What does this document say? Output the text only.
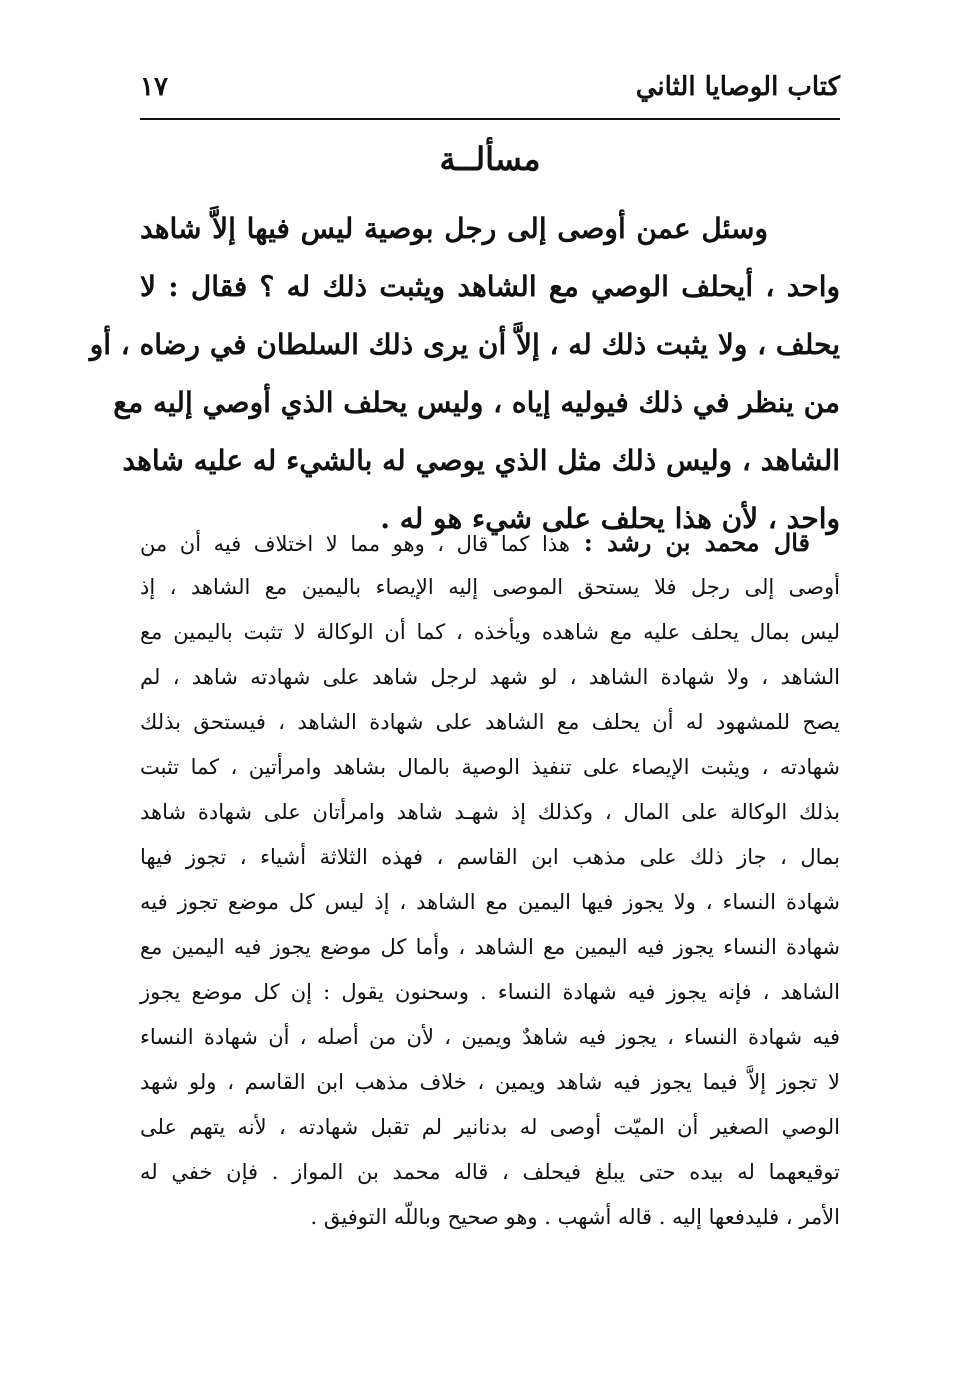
كتاب الوصايا الثاني
١٧
مسألــة
وسئل عمن أوصى إلى رجل بوصية ليس فيها إلاَّ شاهد
واحد ، أيحلف الوصي مع الشاهد ويثبت ذلك له ؟ فقال : لا
يحلف ، ولا يثبت ذلك له ، إلاَّ أن يرى ذلك السلطان في رضاه ، أو
من ينظر في ذلك فيوليه إياه ، وليس يحلف الذي أوصي إليه مع
الشاهد ، وليس ذلك مثل الذي يوصي له بالشيء له عليه شاهد
واحد ، لأن هذا يحلف على شيء هو له .
قال محمد بن رشد :هذا كما قال ، وهو مما لا اختلاف فيه أن من
أوصى إلى رجل فلا يستحق الموصى إليه الإيصاء باليمين مع الشاهد ، إذ
ليس بمال يحلف عليه مع شاهده ويأخذه ، كما أن الوكالة لا تثبت باليمين مع
الشاهد ، ولا شهادة الشاهد ، لو شهد لرجل شاهد على شهادته شاهد ، لم
يصح للمشهود له أن يحلف مع الشاهد على شهادة الشاهد ، فيستحق بذلك
شهادته ، ويثبت الإيصاء على تنفيذ الوصية بالمال بشاهد وامرأتين ، كما تثبت
بذلك الوكالة على المال ، وكذلك إذ شهـد شاهد وامرأتان على شهادة شاهد
بمال ، جاز ذلك على مذهب ابن القاسم ، فهذه الثلاثة أشياء ، تجوز فيها
شهادة النساء ، ولا يجوز فيها اليمين مع الشاهد ، إذ ليس كل موضع تجوز فيه
شهادة النساء يجوز فيه اليمين مع الشاهد ، وأما كل موضع يجوز فيه اليمين مع
الشاهد ، فإنه يجوز فيه شهادة النساء . وسحنون يقول : إن كل موضع يجوز
فيه شهادة النساء ، يجوز فيه شاهدٌ ويمين ، لأن من أصله ، أن شهادة النساء
لا تجوز إلاَّ فيما يجوز فيه شاهد ويمين ، خلاف مذهب ابن القاسم ، ولو شهد
الوصي الصغير أن الميّت أوصى له بدنانير لم تقبل شهادته ، لأنه يتهم على
توقيعهما له بيده حتى يبلغ فيحلف ، قاله محمد بن المواز . فإن خفي له
الأمر ، فليدفعها إليه . قاله أشهب . وهو صحيح وباللّه التوفيق .
